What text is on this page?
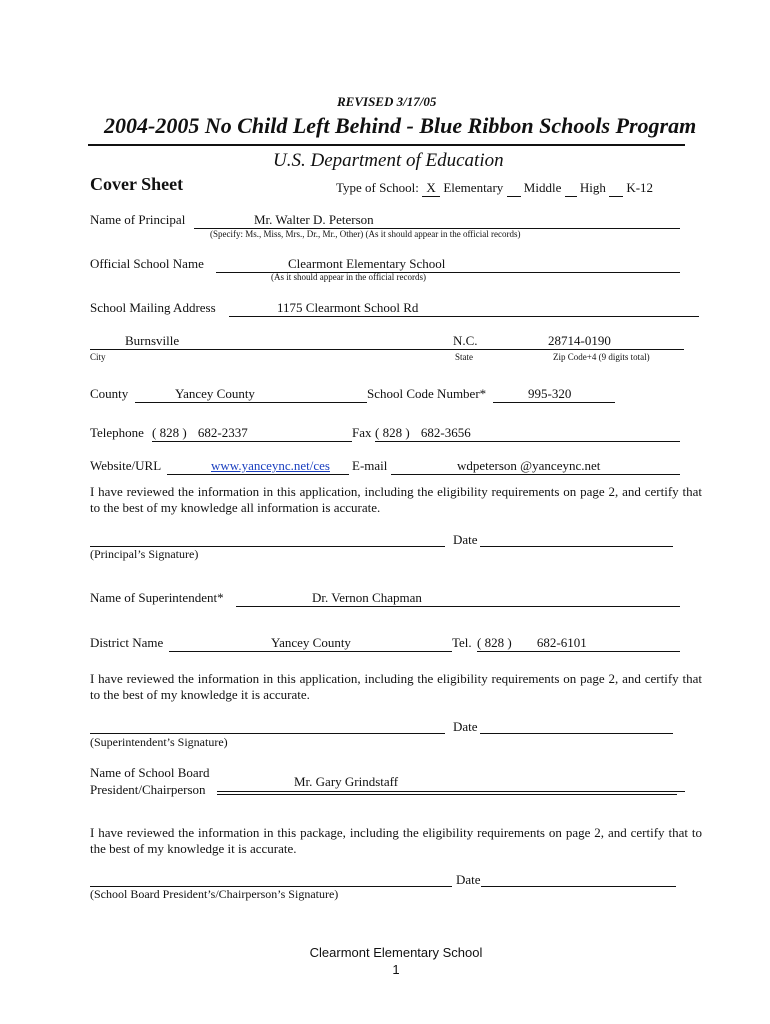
REVISED 3/17/05
2004-2005 No Child Left Behind - Blue Ribbon Schools Program
U.S. Department of Education
Cover Sheet	Type of School: X Elementary Middle High K-12
Name of Principal	Mr. Walter D. Peterson
(Specify: Ms., Miss, Mrs., Dr., Mr., Other) (As it should appear in the official records)
Official School Name	Clearmont Elementary School
(As it should appear in the official records)
School Mailing Address	1175 Clearmont School Rd
Burnsville	N.C.	28714-0190
City	State	Zip Code+4 (9 digits total)
County	Yancey County	School Code Number*	995-320
Telephone ( 828 ) 682-2337	Fax ( 828 ) 682-3656
Website/URL	www.yanceync.net/ces	E-mail	wdpeterson @yanceync.net
I have reviewed the information in this application, including the eligibility requirements on page 2, and certify that to the best of my knowledge all information is accurate.
Date
(Principal’s Signature)
Name of Superintendent*	Dr. Vernon Chapman
District Name	Yancey County	Tel. ( 828 ) 682-6101
I have reviewed the information in this application, including the eligibility requirements on page 2, and certify that to the best of my knowledge it is accurate.
Date
(Superintendent’s Signature)
Name of School Board
President/Chairperson
Mr. Gary Grindstaff
I have reviewed the information in this package, including the eligibility requirements on page 2, and certify that to the best of my knowledge it is accurate.
Date
(School Board President’s/Chairperson’s Signature)
Clearmont Elementary School
1
